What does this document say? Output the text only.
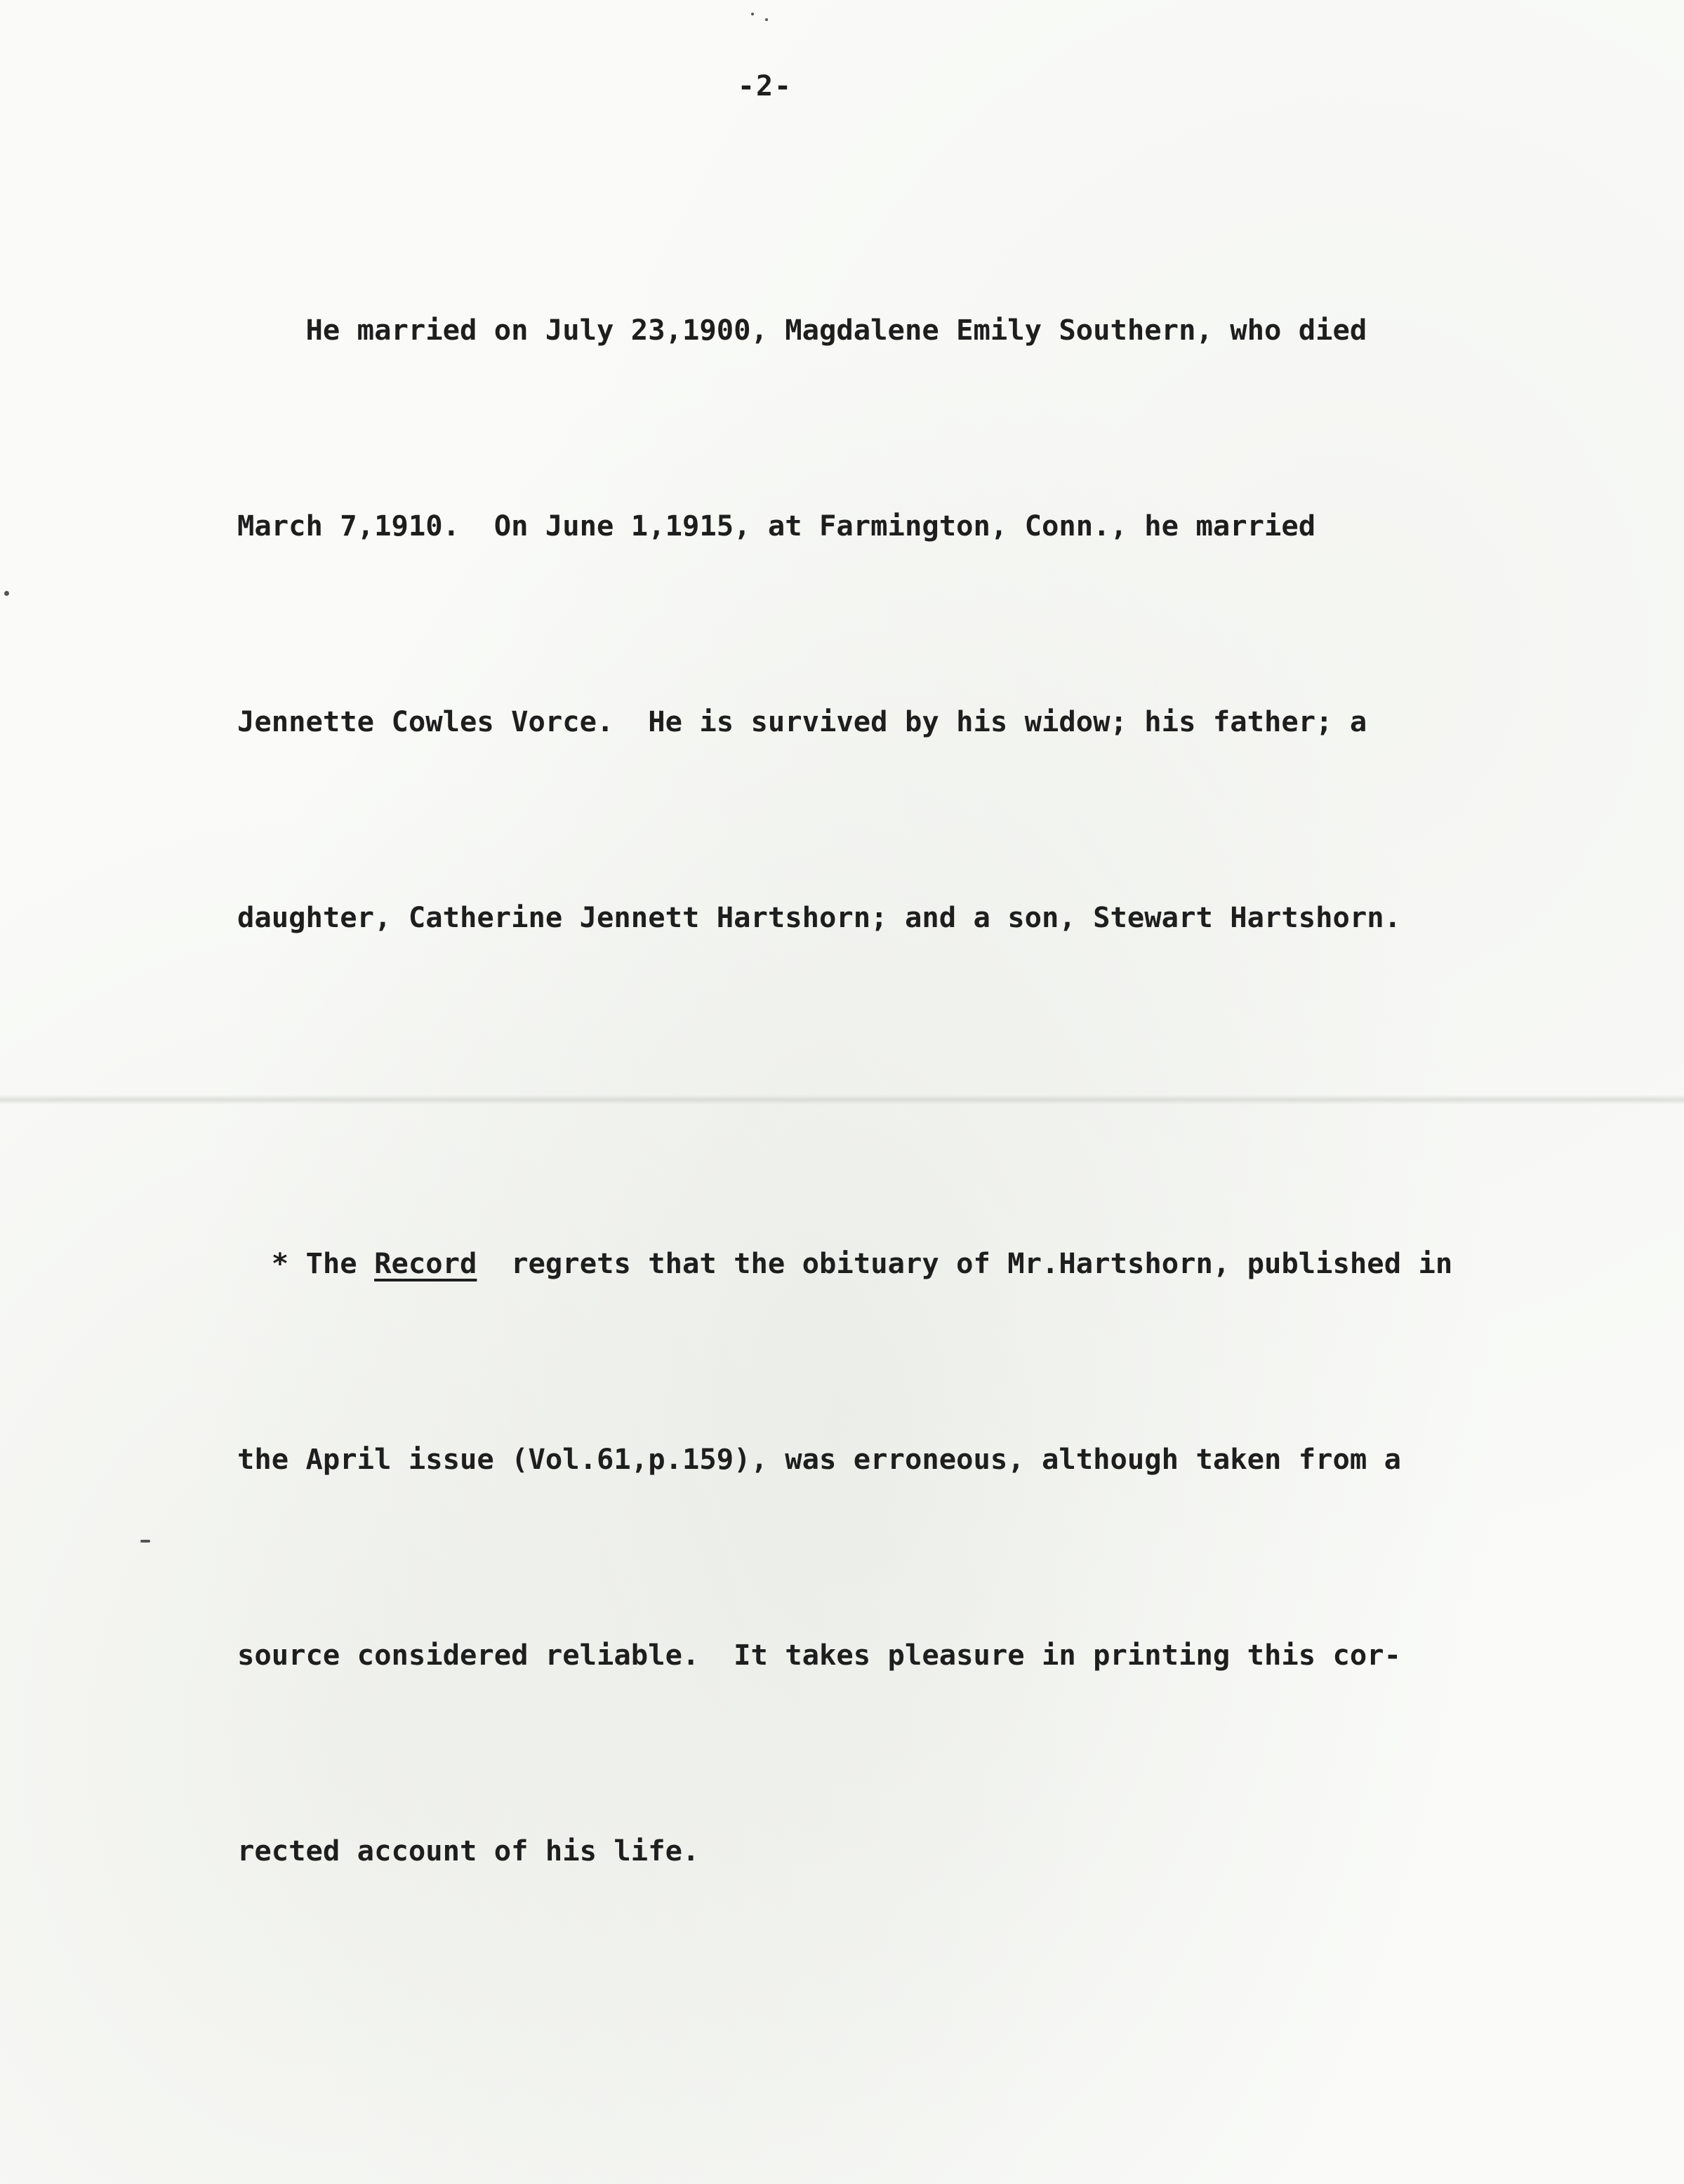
-2-

He married on July 23,1900, Magdalene Emily Southern, who died

March 7,1910.  On June 1,1915, at Farmington, Conn., he married

Jennette Cowles Vorce.  He is survived by his widow; his father; a

daughter, Catherine Jennett Hartshorn; and a son, Stewart Hartshorn.

* The Record  regrets that the obituary of Mr.Hartshorn, published in

the April issue (Vol.61,p.159), was erroneous, although taken from a

source considered reliable.  It takes pleasure in printing this cor-

rected account of his life.
